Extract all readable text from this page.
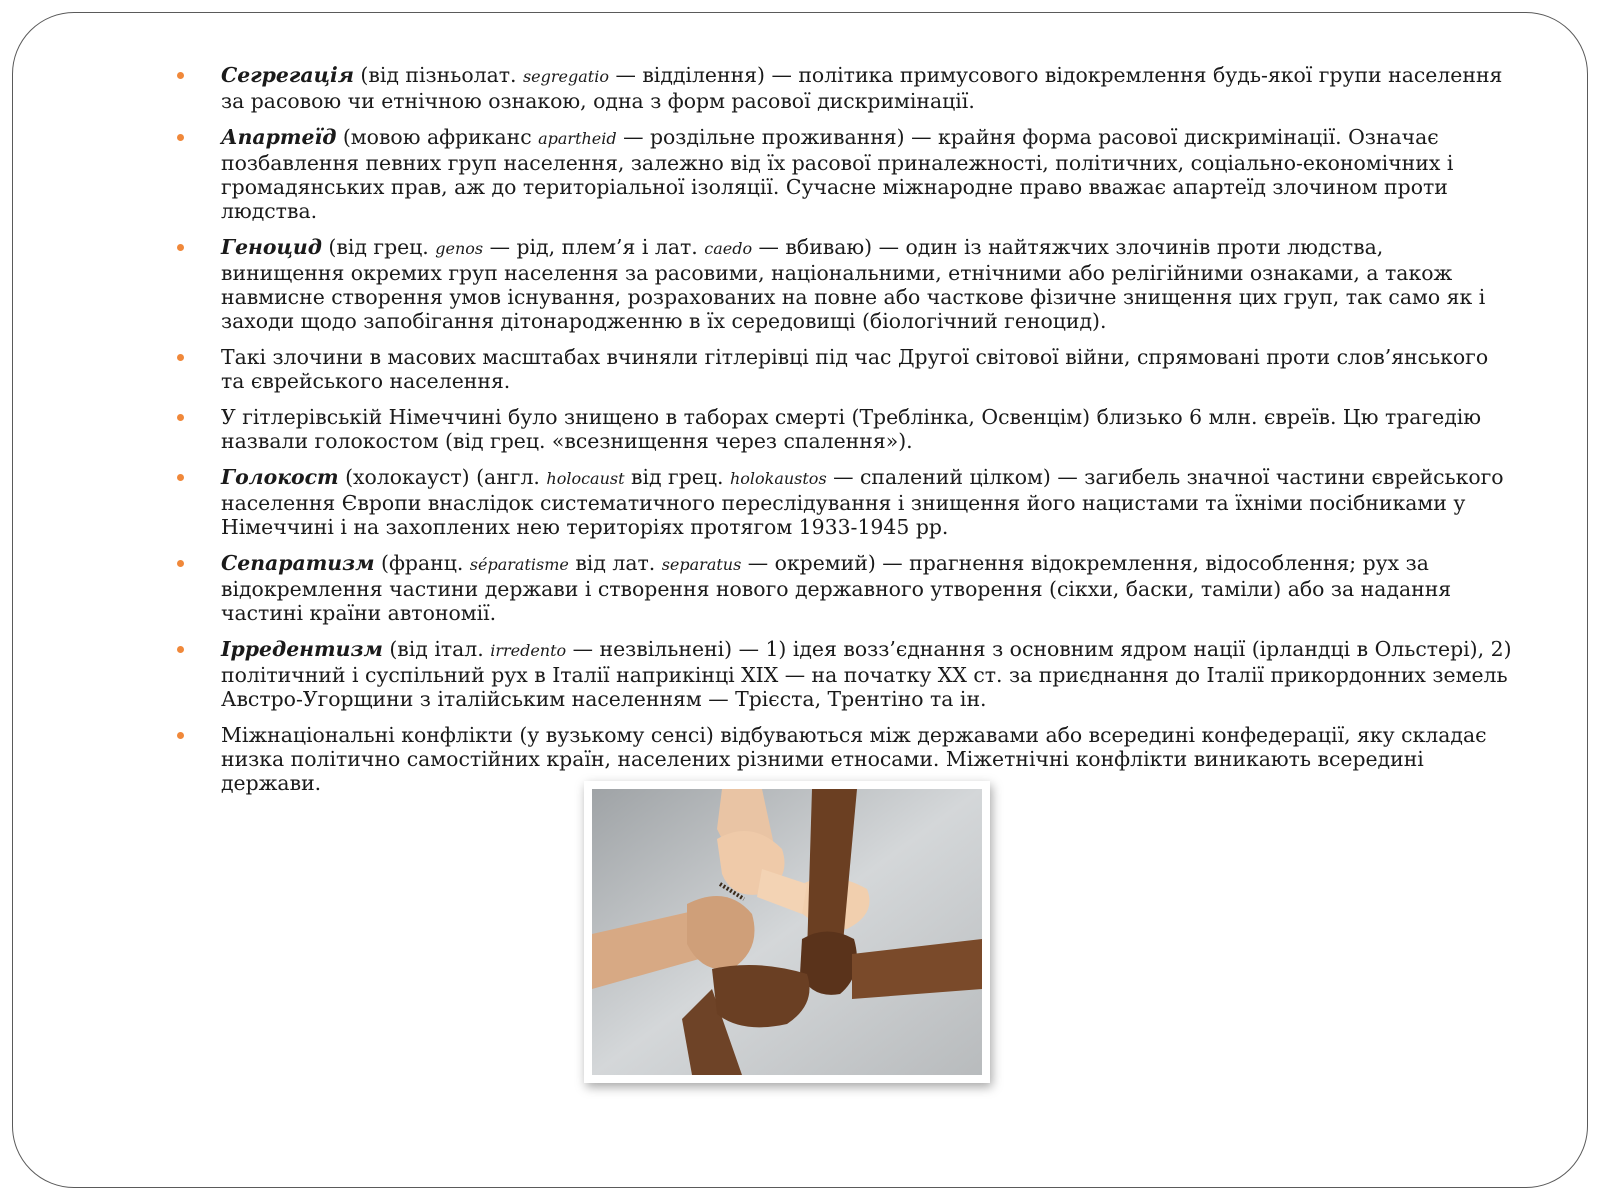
Сегрегація (від пізньолат. segregatio — відділення) — політика примусового відокремлення будь-якої групи населення за расовою чи етнічною ознакою, одна з форм расової дискримінації.
Апартеїд (мовою африканс apartheid — роздільне проживання) — крайня форма расової дискримінації. Означає позбавлення певних груп населення, залежно від їх расової приналежності, політичних, соціально-економічних і громадянських прав, аж до територіальної ізоляції. Сучасне міжнародне право вважає апартеїд злочином проти людства.
Геноцид (від грец. genos — рід, плем’я і лат. caedo — вбиваю) — один із найтяжчих злочинів проти людства, винищення окремих груп населення за расовими, національними, етнічними або релігійними ознаками, а також навмисне створення умов існування, розрахованих на повне або часткове фізичне знищення цих груп, так само як і заходи щодо запобігання дітонародженню в їх середовищі (біологічний геноцид).
Такі злочини в масових масштабах вчиняли гітлерівці під час Другої світової війни, спрямовані проти слов’янського та єврейського населення.
У гітлерівській Німеччині було знищено в таборах смерті (Треблінка, Освенцім) близько 6 млн. євреїв. Цю трагедію назвали голокостом (від грец. «всезнищення через спалення»).
Голокост (холокауст) (англ. holocaust від грец. holokaustos — спалений цілком) — загибель значної частини єврейського населення Європи внаслідок систематичного переслідування і знищення його нацистами та їхніми посібниками у Німеччині і на захоплених нею територіях протягом 1933-1945 рр.
Сепаратизм (франц. séparatisme від лат. separatus — окремий) — прагнення відокремлення, відособлення; рух за відокремлення частини держави і створення нового державного утворення (сікхи, баски, таміли) або за надання частині країни автономії.
Ірредентизм (від італ. irredento — незвільнені) — 1) ідея возз’єднання з основним ядром нації (ірландці в Ольстері), 2) політичний і суспільний рух в Італії наприкінці XIX — на початку XX ст. за приєднання до Італії прикордонних земель Австро-Угорщини з італійським населенням — Трієста, Трентіно та ін.
Міжнаціональні конфлікти (у вузькому сенсі) відбуваються між державами або всередині конфедерації, яку складає низка політично самостійних країн, населених різними етносами. Міжетнічні конфлікти виникають всередині держави.
